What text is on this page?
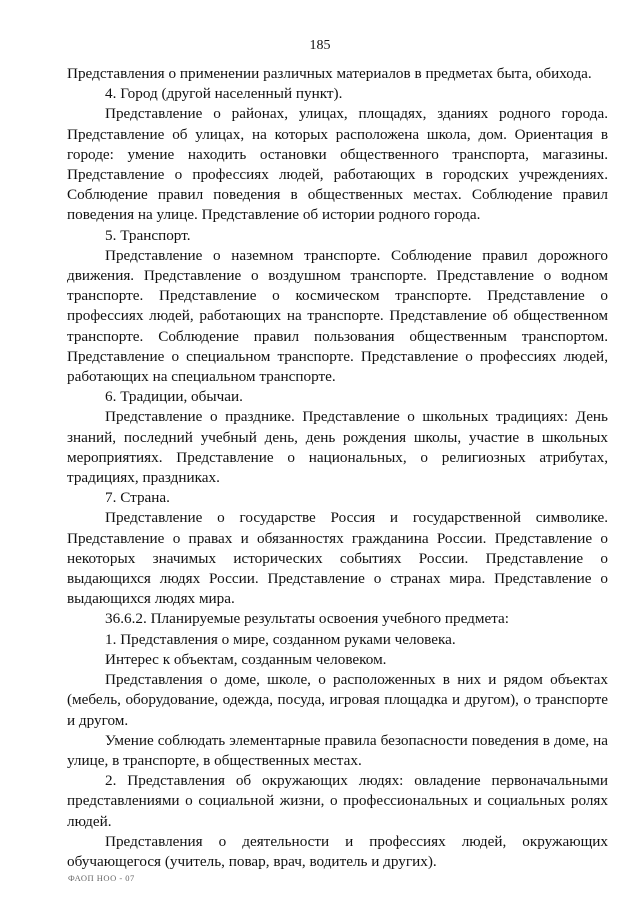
185

Представления о применении различных материалов в предметах быта, обихода.

4. Город (другой населенный пункт).

Представление о районах, улицах, площадях, зданиях родного города. Представление об улицах, на которых расположена школа, дом. Ориентация в городе: умение находить остановки общественного транспорта, магазины. Представление о профессиях людей, работающих в городских учреждениях. Соблюдение правил поведения в общественных местах. Соблюдение правил поведения на улице. Представление об истории родного города.

5. Транспорт.

Представление о наземном транспорте. Соблюдение правил дорожного движения. Представление о воздушном транспорте. Представление о водном транспорте. Представление о космическом транспорте. Представление о профессиях людей, работающих на транспорте. Представление об общественном транспорте. Соблюдение правил пользования общественным транспортом. Представление о специальном транспорте. Представление о профессиях людей, работающих на специальном транспорте.

6. Традиции, обычаи.

Представление о празднике. Представление о школьных традициях: День знаний, последний учебный день, день рождения школы, участие в школьных мероприятиях. Представление о национальных, о религиозных атрибутах, традициях, праздниках.

7. Страна.

Представление о государстве Россия и государственной символике. Представление о правах и обязанностях гражданина России. Представление о некоторых значимых исторических событиях России. Представление о выдающихся людях России. Представление о странах мира. Представление о выдающихся людях мира.

36.6.2. Планируемые результаты освоения учебного предмета:

1. Представления о мире, созданном руками человека.

Интерес к объектам, созданным человеком.

Представления о доме, школе, о расположенных в них и рядом объектах (мебель, оборудование, одежда, посуда, игровая площадка и другом), о транспорте и другом.

Умение соблюдать элементарные правила безопасности поведения в доме, на улице, в транспорте, в общественных местах.

2. Представления об окружающих людях: овладение первоначальными представлениями о социальной жизни, о профессиональных и социальных ролях людей.

Представления о деятельности и профессиях людей, окружающих обучающегося (учитель, повар, врач, водитель и других).

ФАОП НОО - 07
